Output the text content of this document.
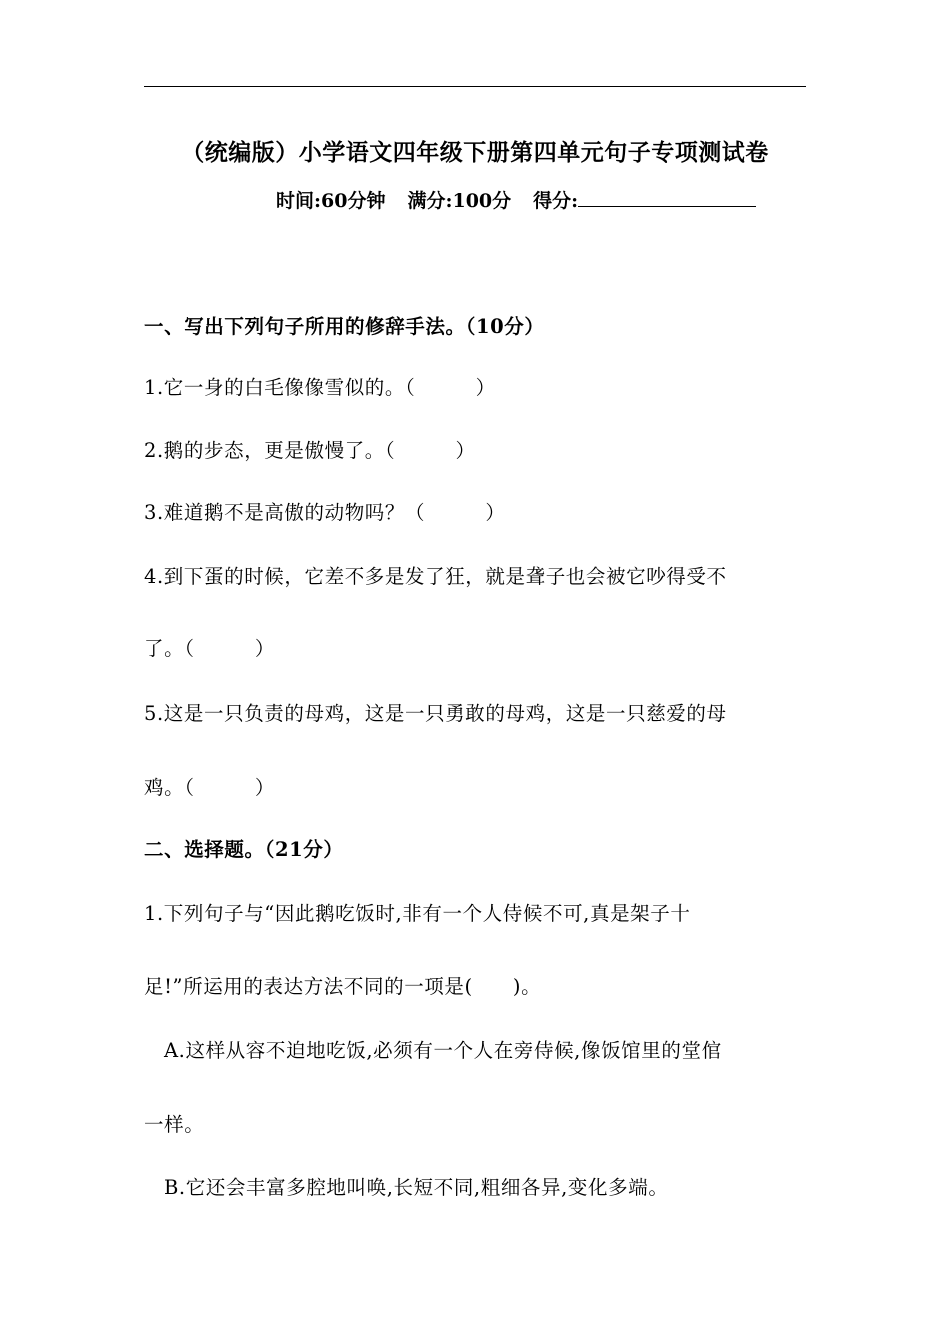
（统编版）小学语文四年级下册第四单元句子专项测试卷
时间:60分钟 满分:100分 得分:
一、写出下列句子所用的修辞手法。（10分）
1.它一身的白毛像像雪似的。（　　　）
2.鹅的步态，更是傲慢了。（　　　）
3.难道鹅不是高傲的动物吗？（　　　）
4.到下蛋的时候，它差不多是发了狂，就是聋子也会被它吵得受不
了。（　　　）
5.这是一只负责的母鸡，这是一只勇敢的母鸡，这是一只慈爱的母
鸡。（　　　）
二、选择题。（21分）
1.下列句子与“因此鹅吃饭时,非有一个人侍候不可,真是架子十
足!”所运用的表达方法不同的一项是(　　)。
A.这样从容不迫地吃饭,必须有一个人在旁侍候,像饭馆里的堂倌
一样。
B.它还会丰富多腔地叫唤,长短不同,粗细各异,变化多端。
